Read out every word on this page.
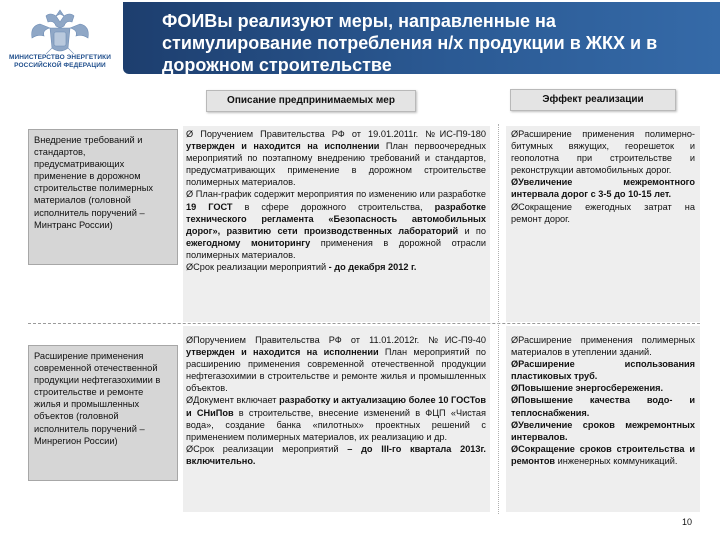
МИНИСТЕРСТВО ЭНЕРГЕТИКИ РОССИЙСКОЙ ФЕДЕРАЦИИ
ФОИВы реализуют меры, направленные на стимулирование потребления н/х продукции в ЖКХ и в дорожном строительстве
Описание предпринимаемых мер	Эффект реализации
Внедрение требований и стандартов, предусматривающих применение в дорожном строительстве полимерных материалов (головной исполнитель поручений – Минтранс России)
Расширение применения современной отечественной продукции нефтегазохимии в строительстве и ремонте жилья и промышленных объектов (головной исполнитель поручений – Минрегион России)

Ø Поручением Правительства РФ от 19.01.2011г. №ИС-П9-180 утвержден и находится на исполнении План первоочередных мероприятий по поэтапному внедрению требований и стандартов, предусматривающих применение в дорожном строительстве полимерных материалов.

Ø План-график содержит мероприятия по изменению или разработке 19 ГОСТ в сфере дорожного строительства, разработке технического регламента «Безопасность автомобильных дорог», развитию сети производственных лабораторий и по ежегодному мониторингу применения в дорожной отрасли полимерных материалов.

ØСрок реализации мероприятий - до декабря 2012 г.

ØПоручением Правительства РФ от 11.01.2012г. №ИС-П9-40 утвержден и находится на исполнении План мероприятий по расширению применения современной отечественной продукции нефтегазохимии в строительстве и ремонте жилья и промышленных объектов.

ØДокумент включает разработку и актуализацию более 10 ГОСТов и СНиПов в строительстве, внесение изменений в ФЦП «Чистая вода», создание банка «пилотных» проектных решений с применением полимерных материалов, их реализацию и др.

ØСрок реализации мероприятий – до III-го квартала 2013г. включительно.

ØРасширение применения полимерно-битумных вяжущих, георешеток и геополотна при строительстве и реконструкции автомобильных дорог.

ØУвеличение межремонтного интервала дорог с 3-5 до 10-15 лет.

ØСокращение ежегодных затрат на ремонт дорог.

ØРасширение применения полимерных материалов в утеплении зданий.

ØРасширение использования пластиковых труб.

ØПовышение энергосбережения.

ØПовышение качества водо- и теплоснабжения.

ØУвеличение сроков межремонтных интервалов.

ØСокращение сроков строительства и ремонтов инженерных коммуникаций.

10
